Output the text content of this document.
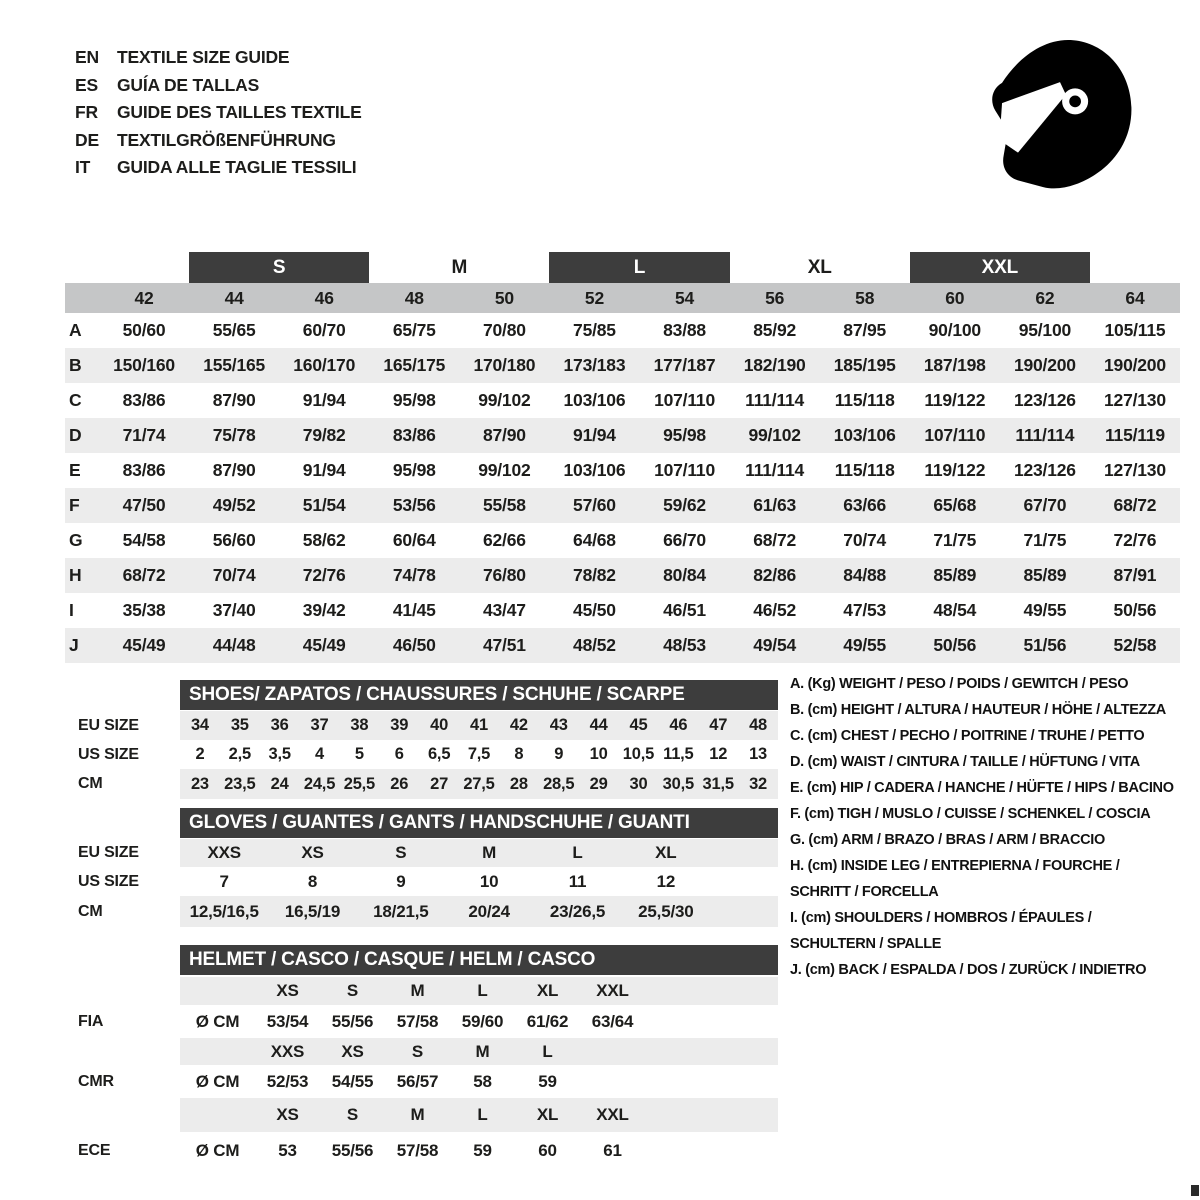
EN	TEXTILE SIZE GUIDE
ES	GUÍA DE TALLAS
FR	GUIDE DES TAILLES TEXTILE
DE	TEXTILGRÖßENFÜHRUNG
IT	GUIDA ALLE TAGLIE TESSILI
S	M	L	XL	XXL
42	44	46	48	50	52	54	56	58	60	62	64
A	50/60	55/65	60/70	65/75	70/80	75/85	83/88	85/92	87/95	90/100	95/100	105/115
B	150/160	155/165	160/170	165/175	170/180	173/183	177/187	182/190	185/195	187/198	190/200	190/200
C	83/86	87/90	91/94	95/98	99/102	103/106	107/110	111/114	115/118	119/122	123/126	127/130
D	71/74	75/78	79/82	83/86	87/90	91/94	95/98	99/102	103/106	107/110	111/114	115/119
E	83/86	87/90	91/94	95/98	99/102	103/106	107/110	111/114	115/118	119/122	123/126	127/130
F	47/50	49/52	51/54	53/56	55/58	57/60	59/62	61/63	63/66	65/68	67/70	68/72
G	54/58	56/60	58/62	60/64	62/66	64/68	66/70	68/72	70/74	71/75	71/75	72/76
H	68/72	70/74	72/76	74/78	76/80	78/82	80/84	82/86	84/88	85/89	85/89	87/91
I	35/38	37/40	39/42	41/45	43/47	45/50	46/51	46/52	47/53	48/54	49/55	50/56
J	45/49	44/48	45/49	46/50	47/51	48/52	48/53	49/54	49/55	50/56	51/56	52/58
SHOES/ ZAPATOS / CHAUSSURES / SCHUHE / SCARPE
GLOVES / GUANTES / GANTS / HANDSCHUHE / GUANTI
HELMET / CASCO / CASQUE / HELM / CASCO
A. (Kg) WEIGHT / PESO / POIDS / GEWITCH / PESO
B. (cm) HEIGHT / ALTURA / HAUTEUR / HÖHE / ALTEZZA
C. (cm) CHEST / PECHO / POITRINE / TRUHE / PETTO
D. (cm) WAIST / CINTURA / TAILLE / HÜFTUNG / VITA
E. (cm) HIP / CADERA / HANCHE / HÜFTE / HIPS / BACINO
F. (cm) TIGH / MUSLO / CUISSE / SCHENKEL / COSCIA
G. (cm) ARM / BRAZO / BRAS / ARM / BRACCIO
H. (cm) INSIDE LEG / ENTREPIERNA / FOURCHE /
SCHRITT / FORCELLA
I. (cm) SHOULDERS / HOMBROS / ÉPAULES /
SCHULTERN / SPALLE
J. (cm) BACK / ESPALDA / DOS / ZURÜCK / INDIETRO
EU SIZE	34	35	36	37	38	39	40	41	42	43	44	45	46	47	48
US SIZE	2	2,5	3,5	4	5	6	6,5	7,5	8	9	10 10,5 11,5 12	13
CM	23 23,5 24 24,5 25,5 26	27 27,5 28 28,5 29	30 30,5 31,5 32
EU SIZE	XXS	XS	S	M	L	XL
US SIZE	7	8	9	10	11	12
CM	12,5/16,5	16,5/19	18/21,5	20/24	23/26,5	25,5/30
XS	S	M	L	XL	XXL
Ø CM	53/54	55/56	57/58	59/60	61/62	63/64
FIA
XXS	XS	S	M	L
Ø CM	52/53	54/55	56/57	58	59
CMR
XS	S	M	L	XL	XXL
Ø CM	53	55/56	57/58	59	60	61
ECE
